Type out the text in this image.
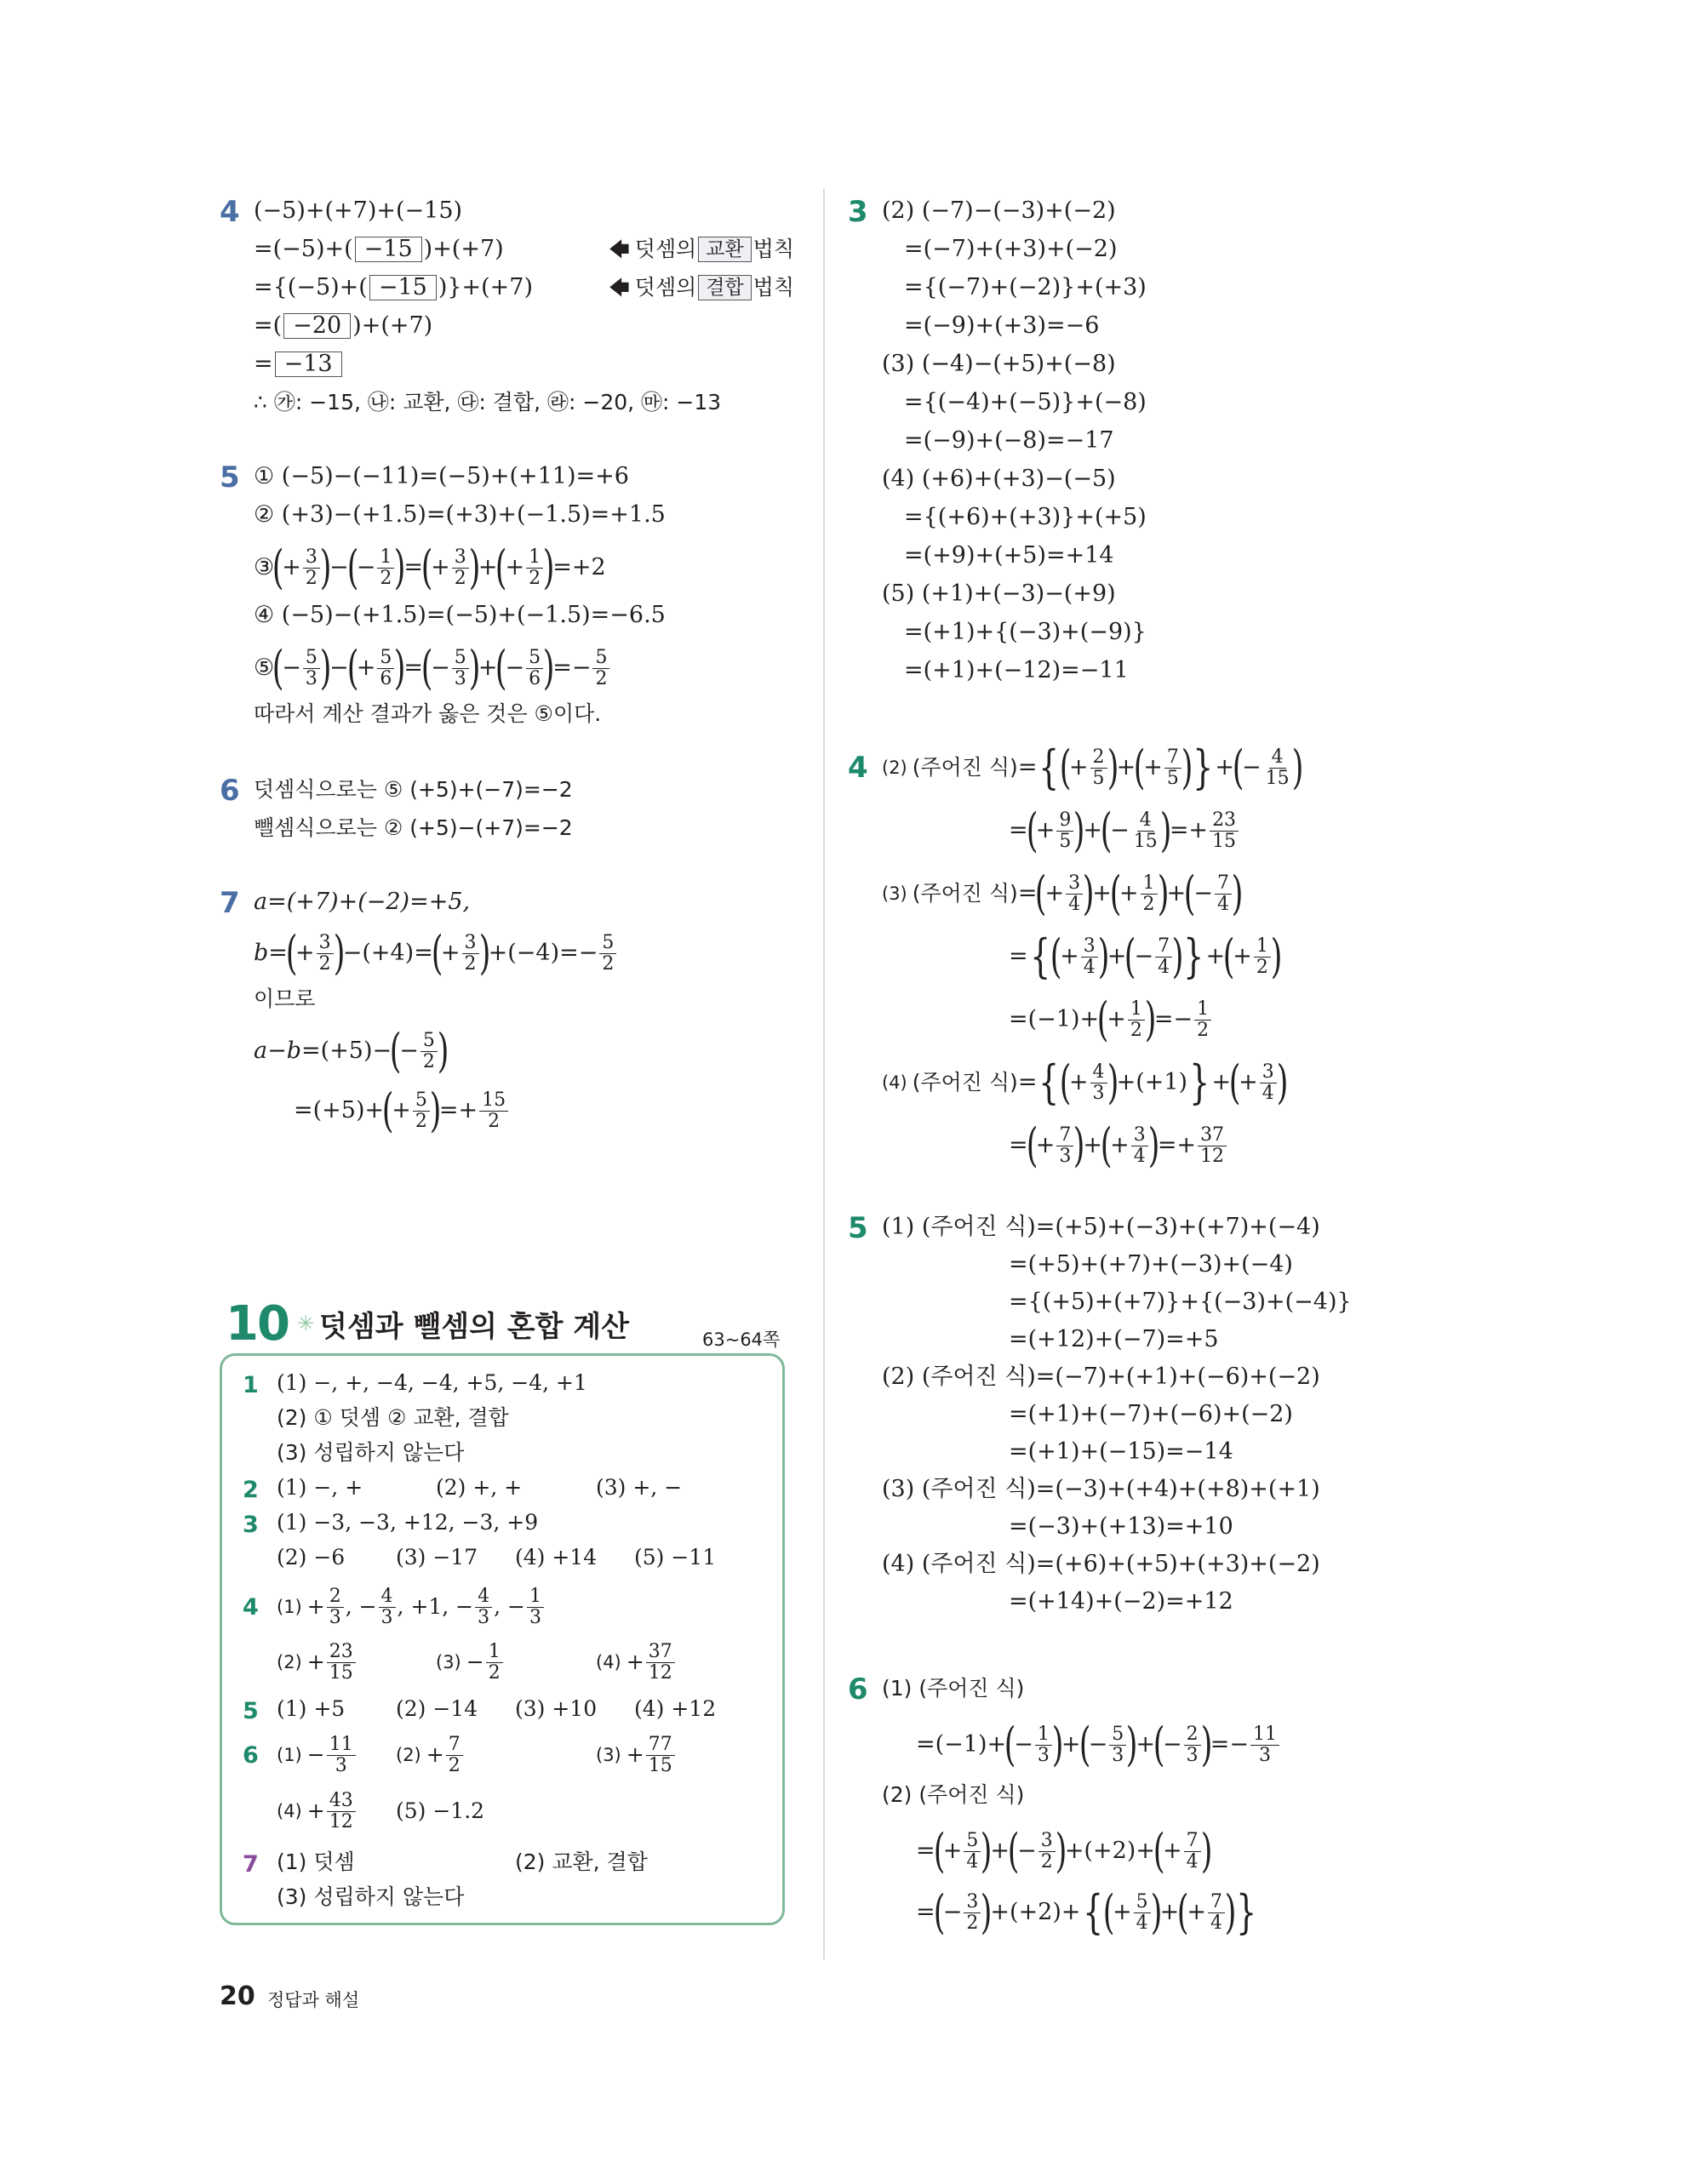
4 (−5)+(+7)+(−15)
=(−5)+( −15 )+(+7)	🡄 덧셈의 교환 법칙
={(−5)+( −15 )}+(+7)	🡄 덧셈의 결합 법칙
=( −20 )+(+7)
= −13
∴ ㉮: −15, ㉯: 교환, ㉰: 결합, ㉱: −20, ㉲: −13
5 ① (−5)−(−11)=(−5)+(+11)=+6
② (+3)−(+1.5)=(+3)+(−1.5)=+1.5
③
(
+ $\frac{3}{2}$ )
−
(
− $\frac{1}{2}$ )
=
(
+ $\frac{3}{2}$ )
+
(
+ $\frac{1}{2}$ )
=+2
④ (−5)−(+1.5)=(−5)+(−1.5)=−6.5
⑤
(
− $\frac{5}{3}$ )
−
(
+ $\frac{5}{6}$ )
=
(
− $\frac{5}{3}$ )
+
(
− $\frac{5}{6}$ )
=− $\frac{5}{2}$
따라서 계산 결과가 옳은 것은 ⑤이다.
6 덧셈식으로는 ⑤ (+5)+(−7)=−2
뺄셈식으로는 ② (+5)−(+7)=−2
7 a=(+7)+(−2)=+5,
b =
(
+ $\frac{3}{2}$ )
−(+4)=
(
+ $\frac{3}{2}$ )
$+(-4)=- \frac{5}{2}$
이므로
a − b =(+5)−
(
− $\frac{5}{2}$ )
=(+5)+
(
+ $\frac{5}{2}$ )
=+ $\frac{15}{2}$
10 ✳ 덧셈과 뺄셈의 혼합 계산	63~64쪽
1 (1) −, +, −4, −4, +5, −4, +1
(2) ① 덧셈 ② 교환, 결합
(3) 성립하지 않는다
2 (1) −, +	(2) +, +	(3) +, −
3 (1) −3, −3, +12, −3, +9
(2) −6 (3) −17 (4) +14 (5) −11
4 $(1) + \frac{2}{3}$ , − $\frac{4}{3}$ , +1, − $\frac{4}{3}$ , − $\frac{1}{3}$
$(2) + \frac{23}{15}$	$(3) - \frac{1}{2}$	$(4) + \frac{37}{12}$
5 (1) +5 (2) −14 (3) +10 (4) +12
6 $(1) - \frac{11}{3} (2) + \frac{7}{2}$	$(3) + \frac{77}{15}$
$(4) + \frac{43}{12} (5) -1.2$
7 (1) 덧셈	(2) 교환, 결합
(3) 성립하지 않는다
20 정답과 해설
3 (2) (−7)−(−3)+(−2)
=(−7)+(+3)+(−2)
={(−7)+(−2)}+(+3)
=(−9)+(+3)=−6
(3) (−4)−(+5)+(−8)
={(−4)+(−5)}+(−8)
=(−9)+(−8)=−17
(4) (+6)+(+3)−(−5)
={(+6)+(+3)}+(+5)
=(+9)+(+5)=+14
(5) (+1)+(−3)−(+9)
=(+1)+{(−3)+(−9)}
=(+1)+(−12)=−11
4 (2) (주어진 식) = { (
+ $\frac{2}{5}$ )
+
(
+ $\frac{7}{5}$ ) } +
(
− $\frac{4}{15}$ )
=
(
+ $\frac{9}{5}$ )
+
(
− $\frac{4}{15}$ )
=+ $\frac{23}{15}$
(3) (주어진 식) =
(
+ $\frac{3}{4}$ )
+
(
+ $\frac{1}{2}$ )
+
(
− $\frac{7}{4}$ )
= { (
+ $\frac{3}{4}$ )
+
(
− $\frac{7}{4}$ ) } +
(
+ $\frac{1}{2}$ )
=(−1)+
(
+ $\frac{1}{2}$ )
=− $\frac{1}{2}$
(4) (주어진 식) = { (
+ $\frac{4}{3}$ )
+(+1) } +
(
+ $\frac{3}{4}$ )
=
(
+ $\frac{7}{3}$ )
+
(
+ $\frac{3}{4}$ )
=+ $\frac{37}{12}$
5 (1) (주어진 식)=(+5)+(−3)+(+7)+(−4)
=(+5)+(+7)+(−3)+(−4)
={(+5)+(+7)}+{(−3)+(−4)}
=(+12)+(−7)=+5
(2) (주어진 식)=(−7)+(+1)+(−6)+(−2)
=(+1)+(−7)+(−6)+(−2)
=(+1)+(−15)=−14
(3) (주어진 식)=(−3)+(+4)+(+8)+(+1)
=(−3)+(+13)=+10
(4) (주어진 식)=(+6)+(+5)+(+3)+(−2)
=(+14)+(−2)=+12
6 (1) (주어진 식)
=(−1)+
(
− $\frac{1}{3}$ )
+
(
− $\frac{5}{3}$ )
+
(
− $\frac{2}{3}$ )
=− $\frac{11}{3}$
(2) (주어진 식)
=
(
+ $\frac{5}{4}$ )
+
(
− $\frac{3}{2}$ )
+(+2)+
(
+ $\frac{7}{4}$ )
=
(
− $\frac{3}{2}$ )
+(+2)+ { (
+ $\frac{5}{4}$ )
+
(
+ $\frac{7}{4}$ ) }
